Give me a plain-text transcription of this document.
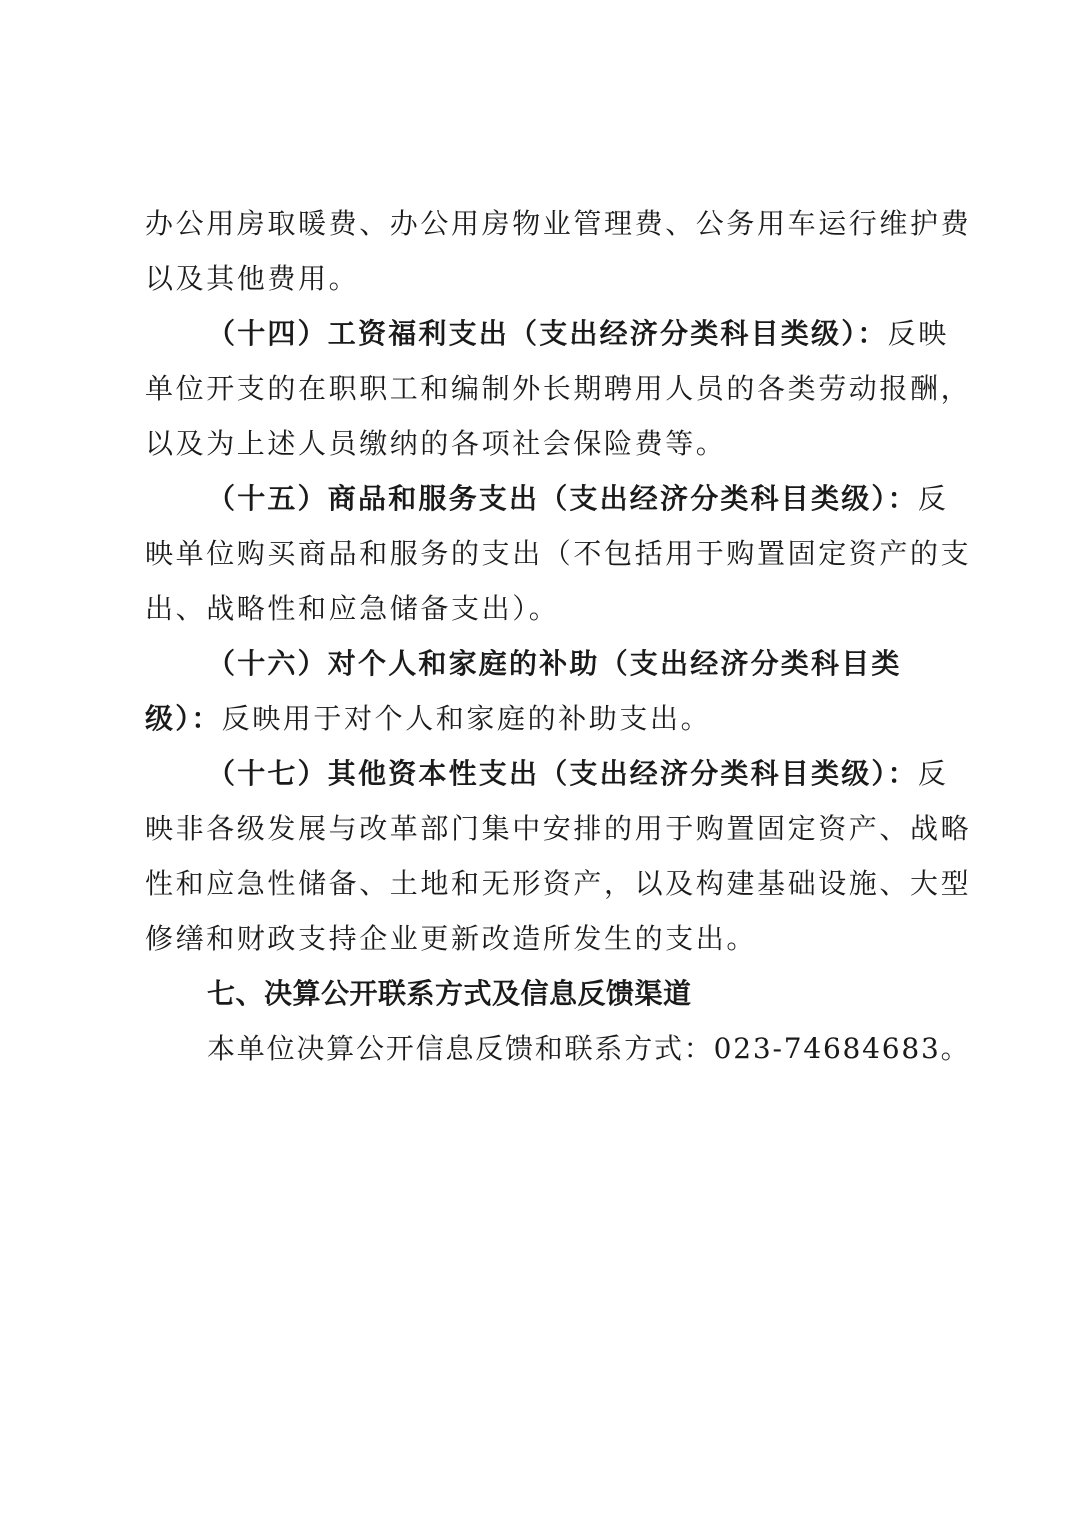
办公用房取暖费、办公用房物业管理费、公务用车运行维护费
以及其他费用。
（十四）工资福利支出（支出经济分类科目类级）：反映
单位开支的在职职工和编制外长期聘用人员的各类劳动报酬，
以及为上述人员缴纳的各项社会保险费等。
（十五）商品和服务支出（支出经济分类科目类级）：反
映单位购买商品和服务的支出（不包括用于购置固定资产的支
出、战略性和应急储备支出）。
（十六）对个人和家庭的补助（支出经济分类科目类
级）：反映用于对个人和家庭的补助支出。
（十七）其他资本性支出（支出经济分类科目类级）：反
映非各级发展与改革部门集中安排的用于购置固定资产、战略
性和应急性储备、土地和无形资产，以及构建基础设施、大型
修缮和财政支持企业更新改造所发生的支出。
七、决算公开联系方式及信息反馈渠道
本单位决算公开信息反馈和联系方式：023-74684683。
